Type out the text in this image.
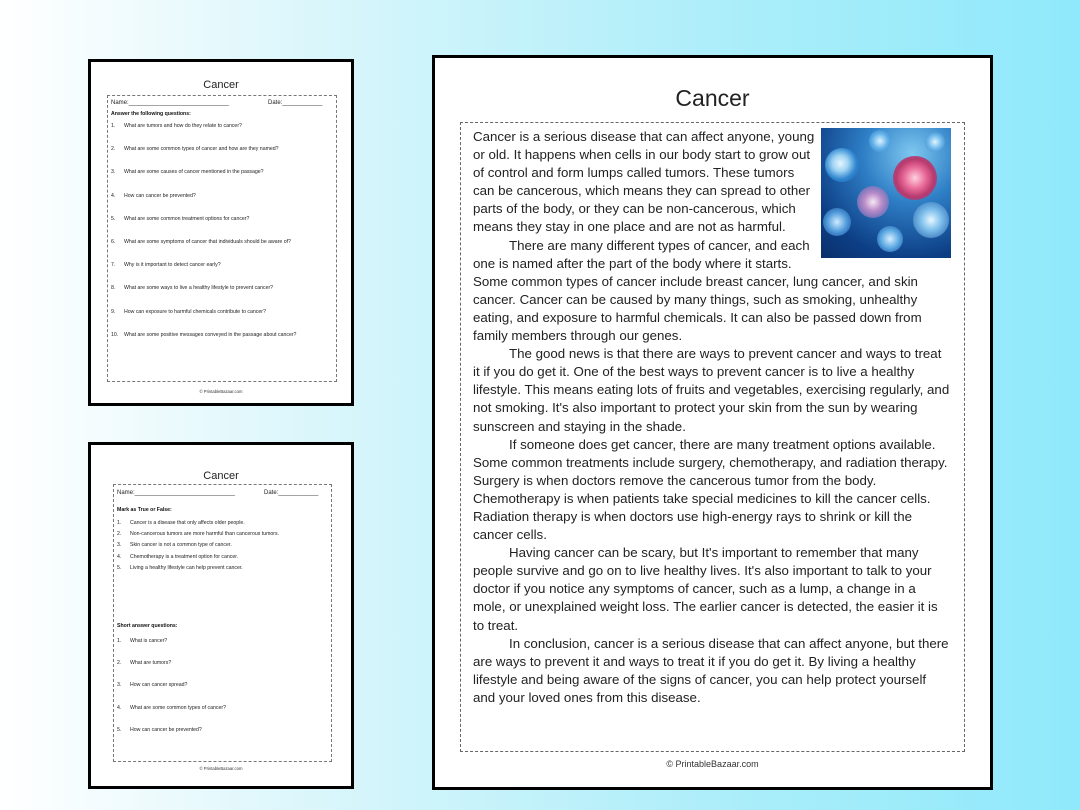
Cancer
Name:______________________________	Date:____________
Answer the following questions:
1. What are tumors and how do they relate to cancer?
2. What are some common types of cancer and how are they named?
3. What are some causes of cancer mentioned in the passage?
4. How can cancer be prevented?
5. What are some common treatment options for cancer?
6. What are some symptoms of cancer that individuals should be aware of?
7. Why is it important to detect cancer early?
8. What are some ways to live a healthy lifestyle to prevent cancer?
9. How can exposure to harmful chemicals contribute to cancer?
10. What are some positive messages conveyed in the passage about cancer?
© PrintableBazaar.com
Cancer
Name:______________________________	Date:____________
Mark as True or False:
1. Cancer is a disease that only affects older people.
2. Non-cancerous tumors are more harmful than cancerous tumors.
3. Skin cancer is not a common type of cancer.
4. Chemotherapy is a treatment option for cancer.
5. Living a healthy lifestyle can help prevent cancer.
Short answer questions:
1. What is cancer?
2. What are tumors?
3. How can cancer spread?
4. What are some common types of cancer?
5. How can cancer be prevented?
© PrintableBazaar.com
Cancer

Cancer is a serious disease that can affect anyone, young or old. It happens when cells in our body start to grow out of control and form lumps called tumors. These tumors can be cancerous, which means they can spread to other parts of the body, or they can be non-cancerous, which means they stay in one place and are not as harmful.

There are many different types of cancer, and each one is named after the part of the body where it starts. Some common types of cancer include breast cancer, lung cancer, and skin cancer. Cancer can be caused by many things, such as smoking, unhealthy eating, and exposure to harmful chemicals. It can also be passed down from family members through our genes.

The good news is that there are ways to prevent cancer and ways to treat it if you do get it. One of the best ways to prevent cancer is to live a healthy lifestyle. This means eating lots of fruits and vegetables, exercising regularly, and not smoking. It's also important to protect your skin from the sun by wearing sunscreen and staying in the shade.

If someone does get cancer, there are many treatment options available. Some common treatments include surgery, chemotherapy, and radiation therapy. Surgery is when doctors remove the cancerous tumor from the body. Chemotherapy is when patients take special medicines to kill the cancer cells. Radiation therapy is when doctors use high-energy rays to shrink or kill the cancer cells.

Having cancer can be scary, but It's important to remember that many people survive and go on to live healthy lives. It's also important to talk to your doctor if you notice any symptoms of cancer, such as a lump, a change in a mole, or unexplained weight loss. The earlier cancer is detected, the easier it is to treat.

In conclusion, cancer is a serious disease that can affect anyone, but there are ways to prevent it and ways to treat it if you do get it. By living a healthy lifestyle and being aware of the signs of cancer, you can help protect yourself and your loved ones from this disease.

© PrintableBazaar.com
